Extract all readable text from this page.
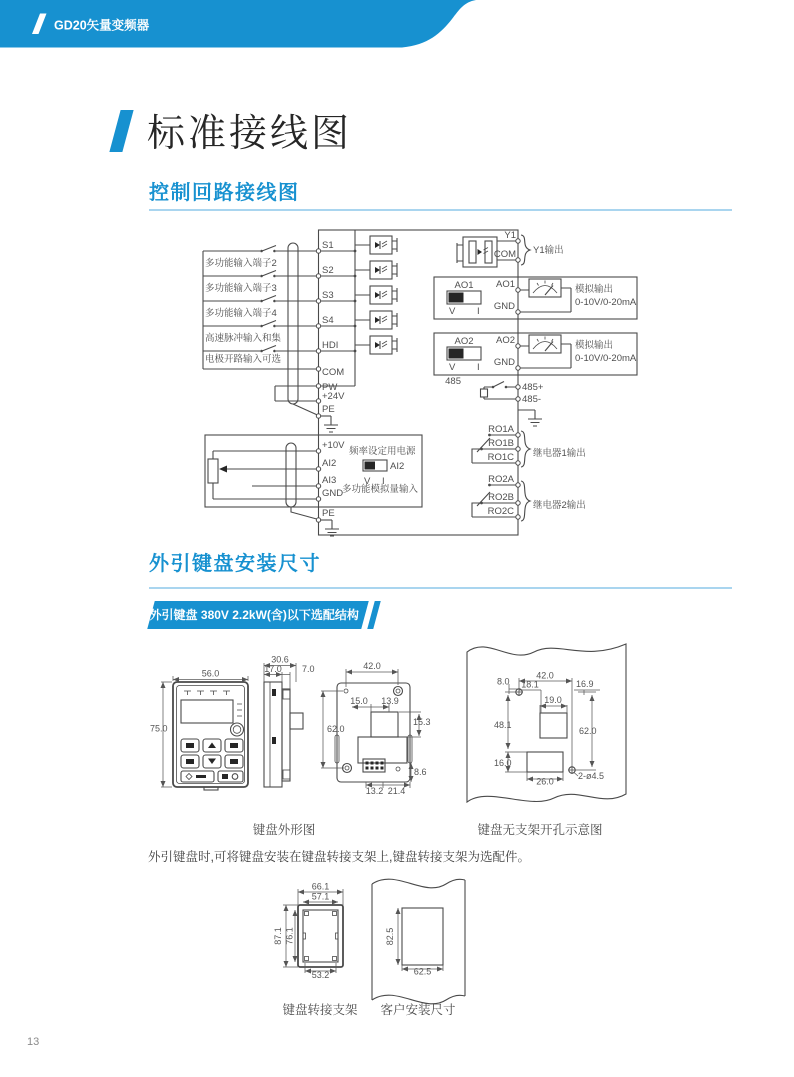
GD20矢量变频器
标准接线图
控制回路接线图
多功能输入端子2
多功能输入端子3
多功能输入端子4
高速脉冲输入和集
电极开路输入可选
S1
S2
S3
S4
HDI
COM
PW
+24V
PE
+10V
AI2
AI3
GND
频率设定用电源
AI2
V I
多功能模拟量输入
PE
Y1
COM Y1输出
AO1
V I
AO1
GND
模拟输出
0-10V/0-20mA
AO2
V I
AO2
GND
模拟输出
0-10V/0-20mA
485
485+
485-
RO1A
RO1B
RO1C 继电器1输出
RO2A
RO2B
RO2C
继电器2输出
外引键盘安装尺寸
外引键盘 380V 2.2kW(含)以下选配结构图
56.0
75.0
30.6
17.0 7.0
62.0
42.0
15.0 13.9
15.3
8.6
13.2 21.4
42.0
18.1
8.0	16.9
19.0
48.1
62.0
16.0
26.0
2-ø4.5
键盘外形图	键盘无支架开孔示意图
外引键盘时,可将键盘安装在键盘转接支架上,键盘转接支架为选配件。
66.1
57.1
87.1 76.1
53.2
82.5
62.5
键盘转接支架 客户安装尺寸
13
